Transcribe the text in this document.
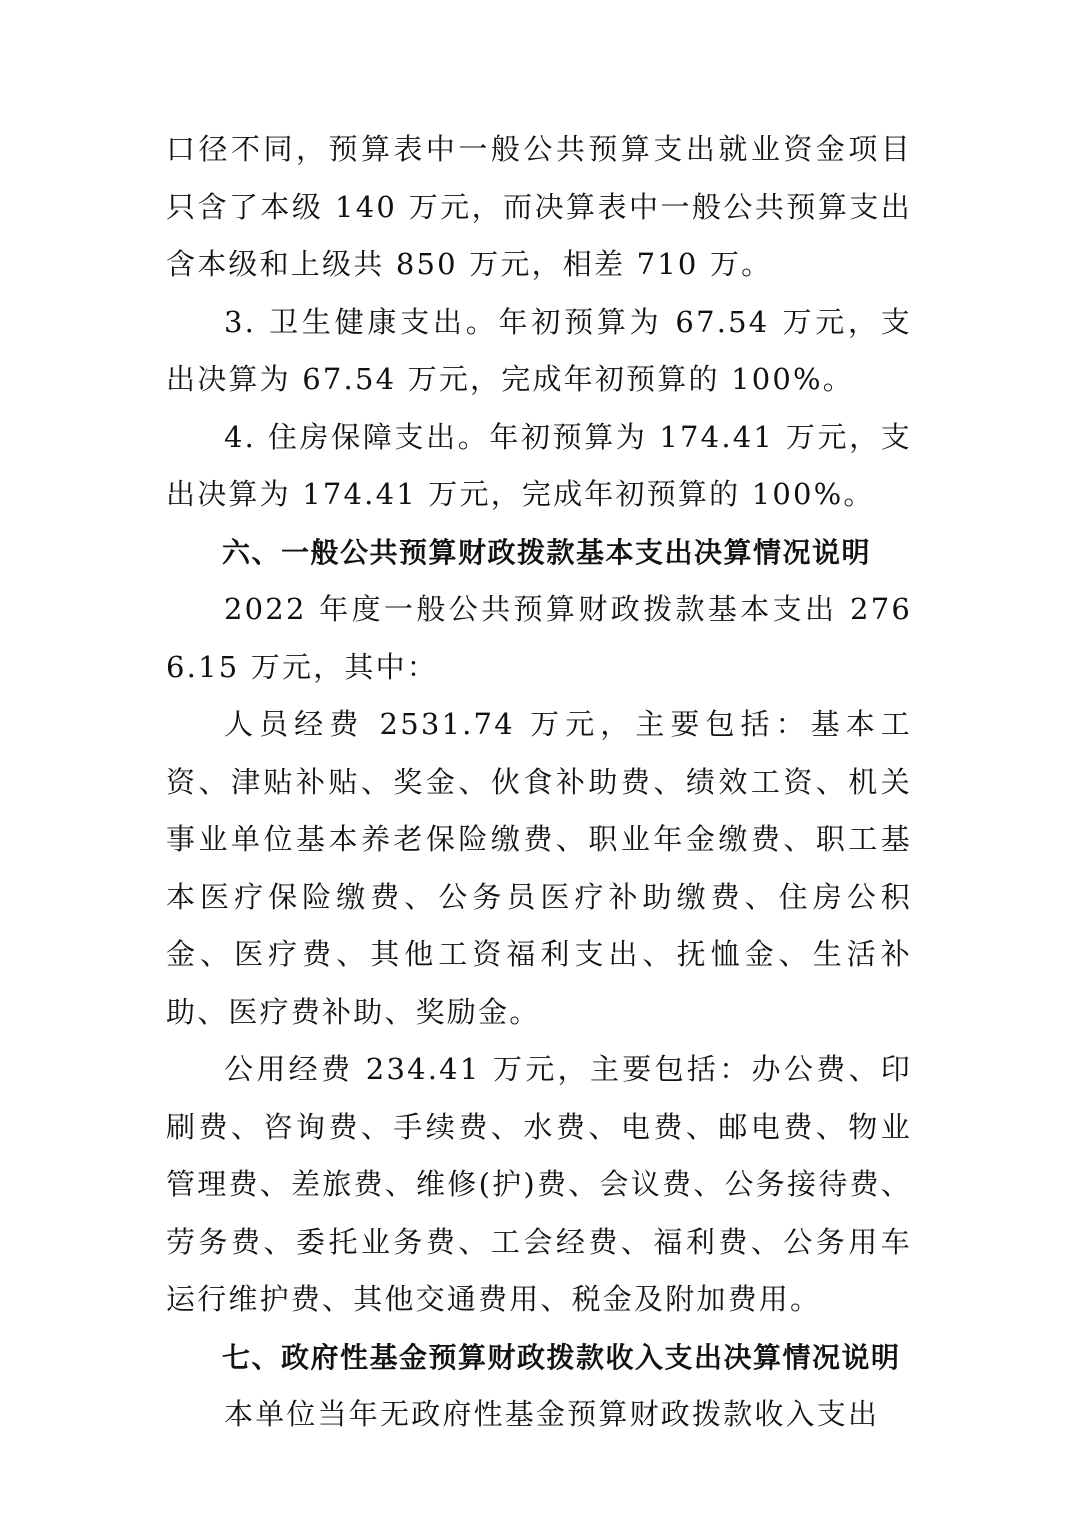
口径不同，预算表中一般公共预算支出就业资金项目只含了本级 140 万元，而决算表中一般公共预算支出含本级和上级共 850 万元，相差 710 万。

3. 卫生健康支出。年初预算为 67.54 万元，支出决算为 67.54 万元，完成年初预算的 100%。

4. 住房保障支出。年初预算为 174.41 万元，支出决算为 174.41 万元，完成年初预算的 100%。

六、一般公共预算财政拨款基本支出决算情况说明

2022 年度一般公共预算财政拨款基本支出 2766.15 万元，其中：

人员经费 2531.74 万元，主要包括：基本工资、津贴补贴、奖金、伙食补助费、绩效工资、机关事业单位基本养老保险缴费、职业年金缴费、职工基本医疗保险缴费、公务员医疗补助缴费、住房公积金、医疗费、其他工资福利支出、抚恤金、生活补助、医疗费补助、奖励金。

公用经费 234.41 万元，主要包括：办公费、印刷费、咨询费、手续费、水费、电费、邮电费、物业管理费、差旅费、维修(护)费、会议费、公务接待费、劳务费、委托业务费、工会经费、福利费、公务用车运行维护费、其他交通费用、税金及附加费用。

七、政府性基金预算财政拨款收入支出决算情况说明

本单位当年无政府性基金预算财政拨款收入支出
